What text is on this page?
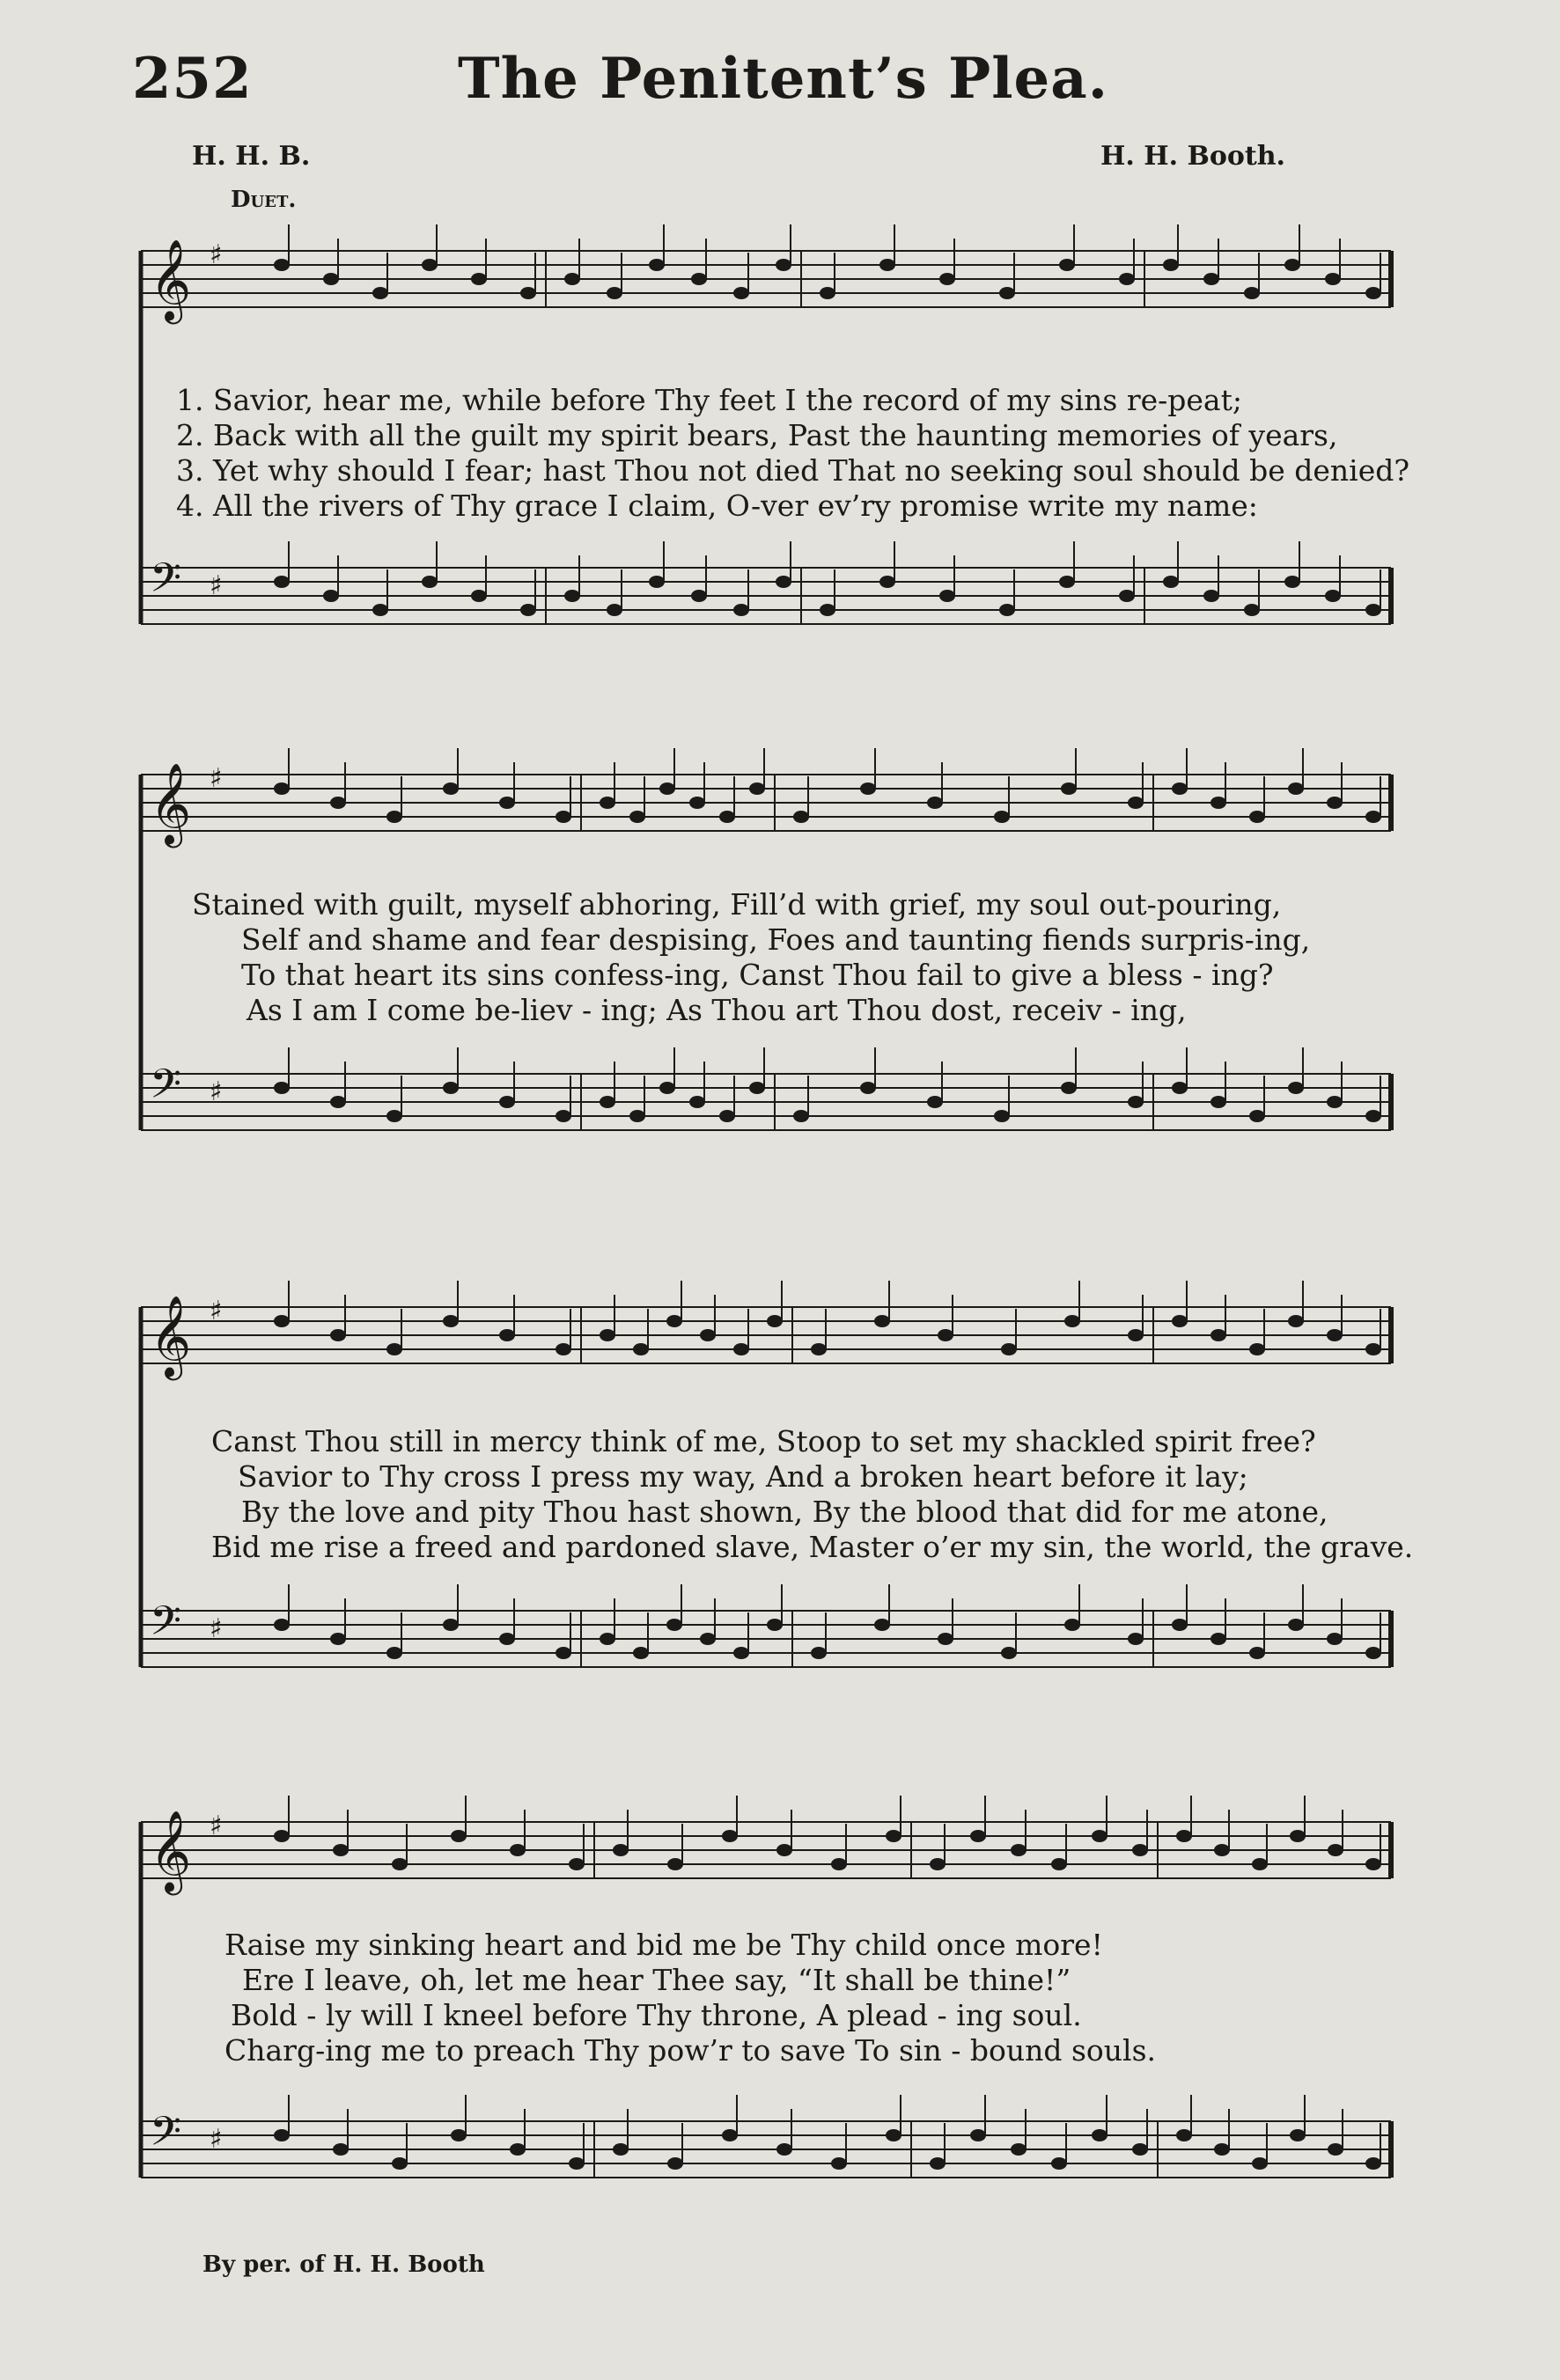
252	The Penitent’s Plea.
H. H. B.	H. H. Booth.
Duet.
𝄞 ♯
𝄢 ♯
1. Savior, hear me, while before Thy feet I the record of my sins re-peat;
2. Back with all the guilt my spirit bears, Past the haunting memories of years,
3. Yet why should I fear; hast Thou not died That no seeking soul should be denied?
4. All the rivers of Thy grace I claim, O-ver ev’ry promise write my name:
𝄞 ♯
𝄢 ♯
Stained with guilt, myself abhoring, Fill’d with grief, my soul out-pouring,
Self and shame and fear despising, Foes and taunting fiends surpris-ing,
To that heart its sins confess-ing, Canst Thou fail to give a bless - ing?
As I am I come be-liev - ing; As Thou art Thou dost, receiv - ing,
𝄞 ♯
𝄢 ♯
Canst Thou still in mercy think of me, Stoop to set my shackled spirit free?
Savior to Thy cross I press my way, And a broken heart before it lay;
By the love and pity Thou hast shown, By the blood that did for me atone,
Bid me rise a freed and pardoned slave, Master o’er my sin, the world, the grave.
𝄞 ♯
𝄢 ♯
Raise my sinking heart and bid me be Thy child once more!
Ere I leave, oh, let me hear Thee say, “It shall be thine!”
Bold - ly will I kneel before Thy throne, A plead - ing soul.
Charg-ing me to preach Thy pow’r to save To sin - bound souls.
By per. of H. H. Booth
